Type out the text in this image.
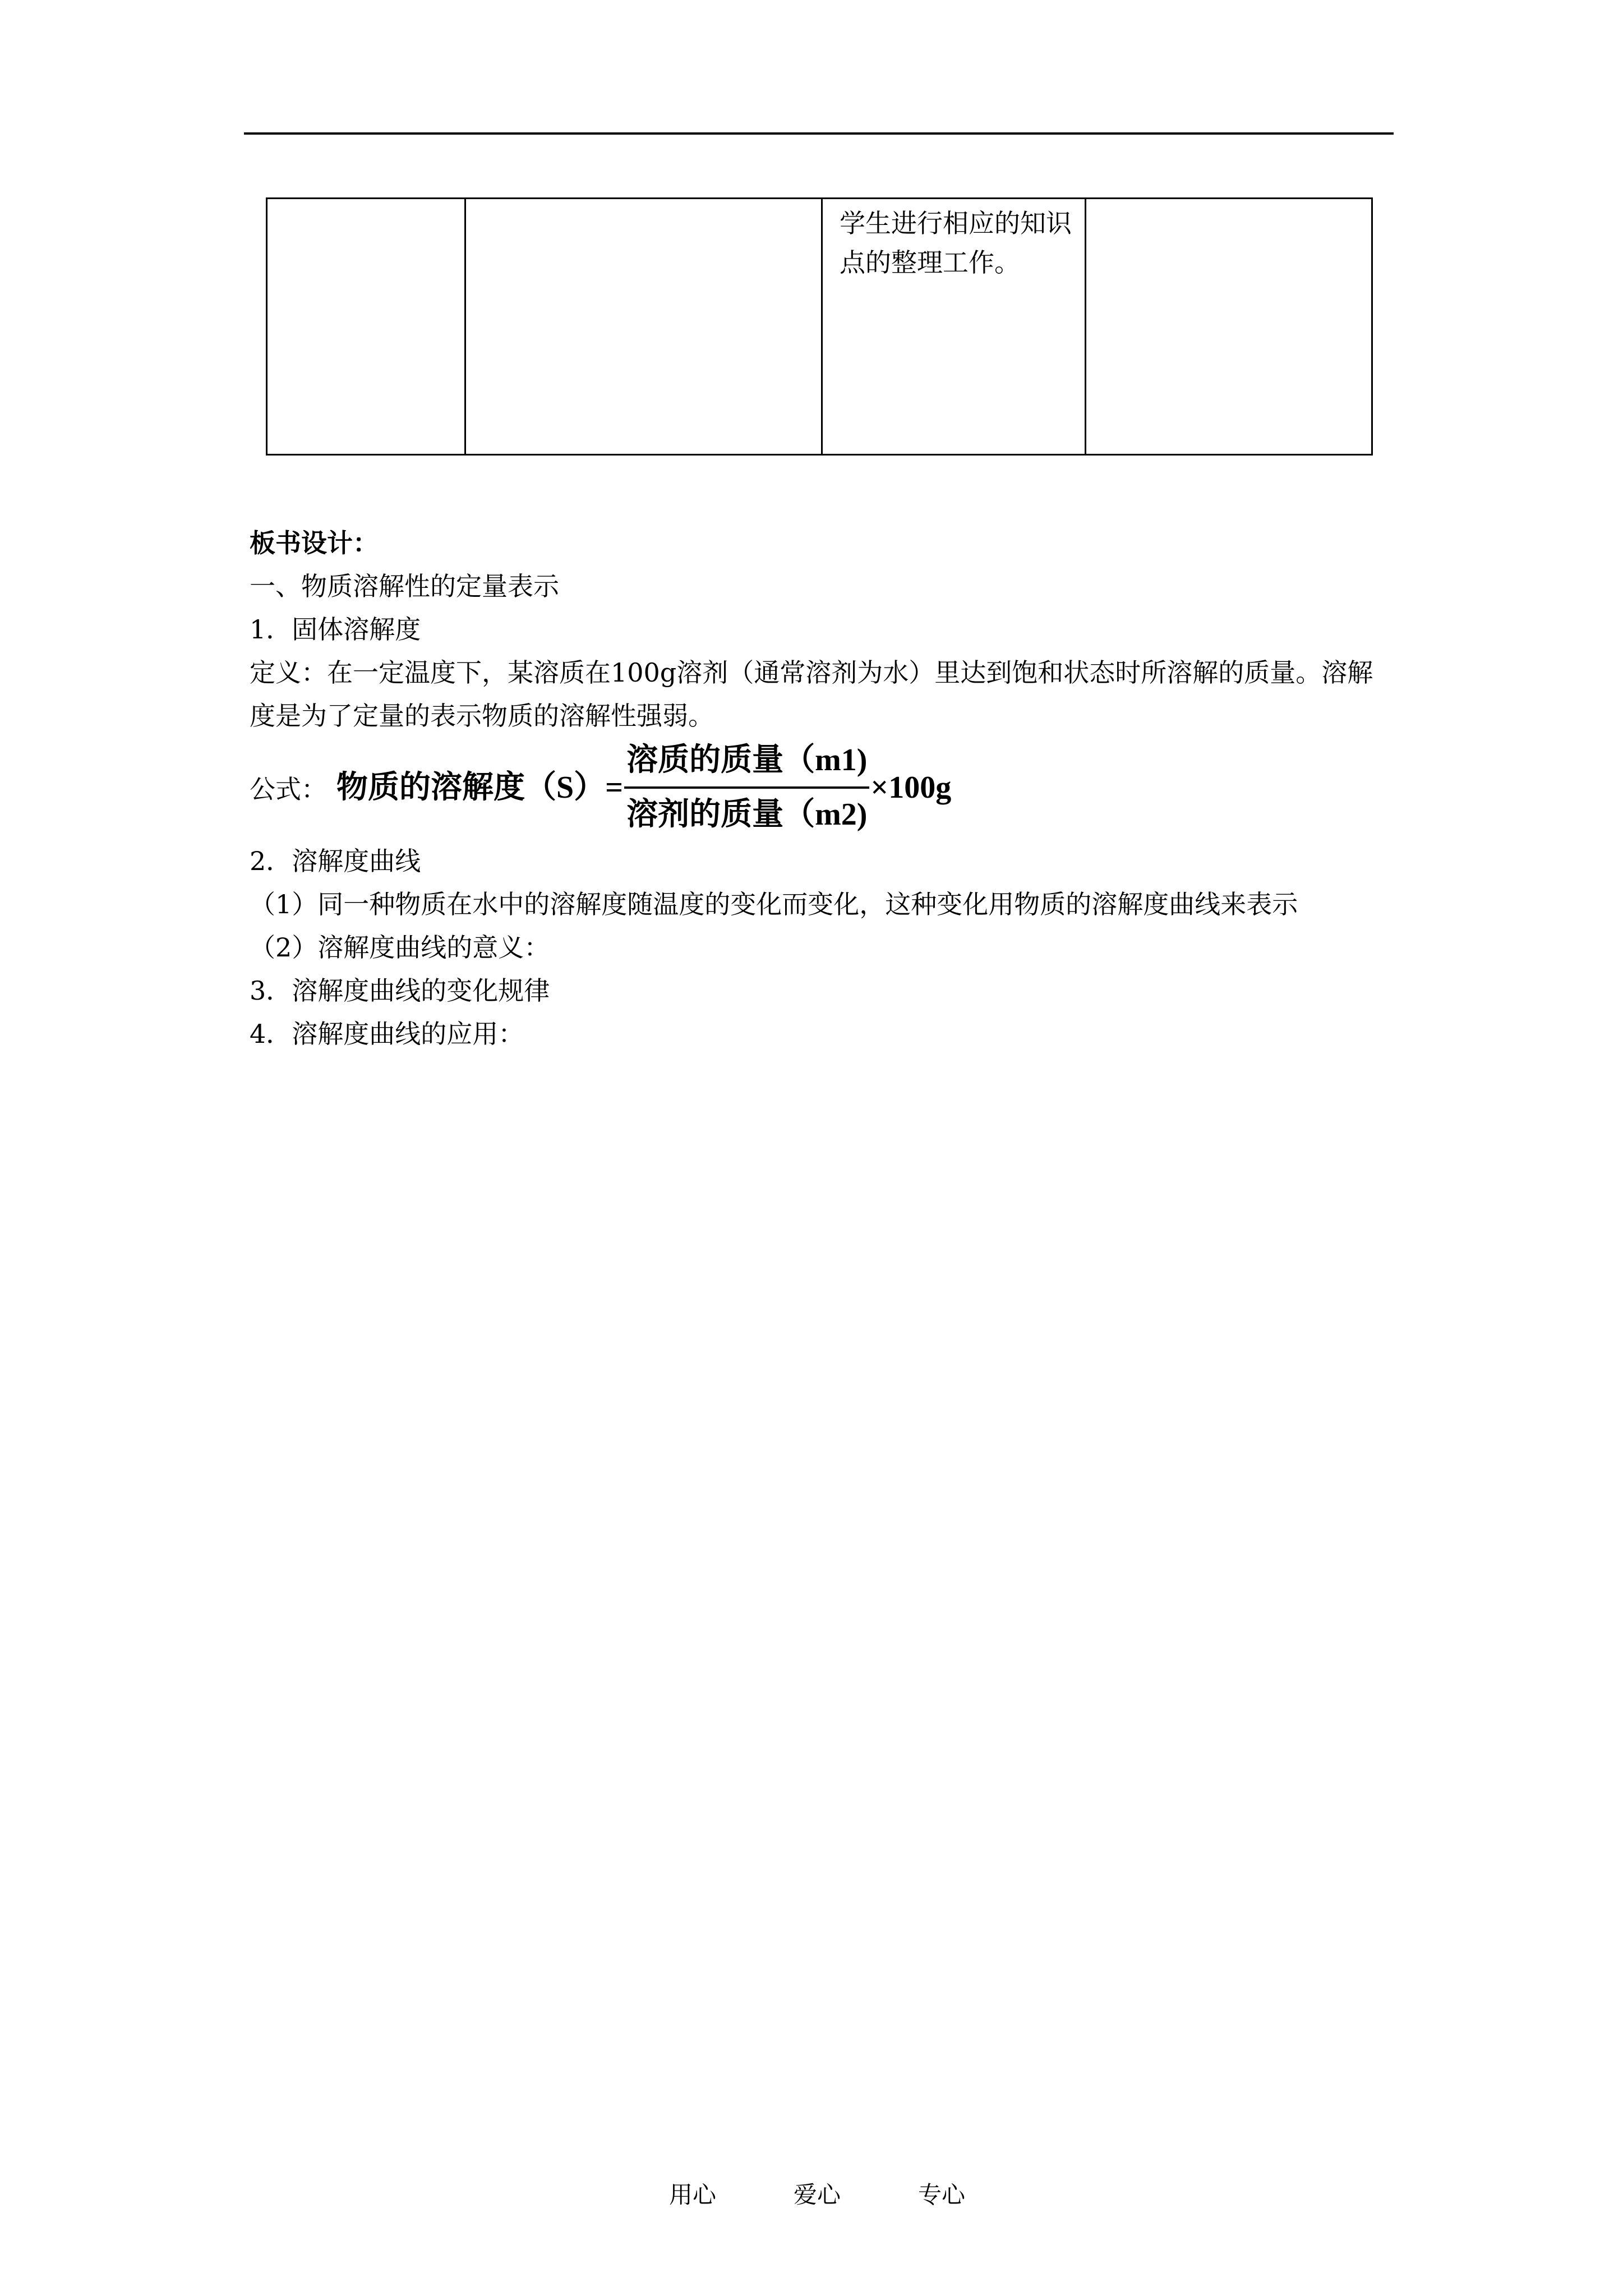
学生进行相应的知识点的整理工作。

板书设计：

一、物质溶解性的定量表示

1．固体溶解度

定义：在一定温度下，某溶质在100g溶剂（通常溶剂为水）里达到饱和状态时所溶解的质量。溶解度是为了定量的表示物质的溶解性强弱。

公式： 物质的溶解度$(S)= \frac{\text{溶质的质量（m1)}}{\text{溶剂的质量（m2)}} \times 100g$

2．溶解度曲线

（1）同一种物质在水中的溶解度随温度的变化而变化，这种变化用物质的溶解度曲线来表示

（2）溶解度曲线的意义：

3．溶解度曲线的变化规律

4．溶解度曲线的应用：

用心	爱心	专心
